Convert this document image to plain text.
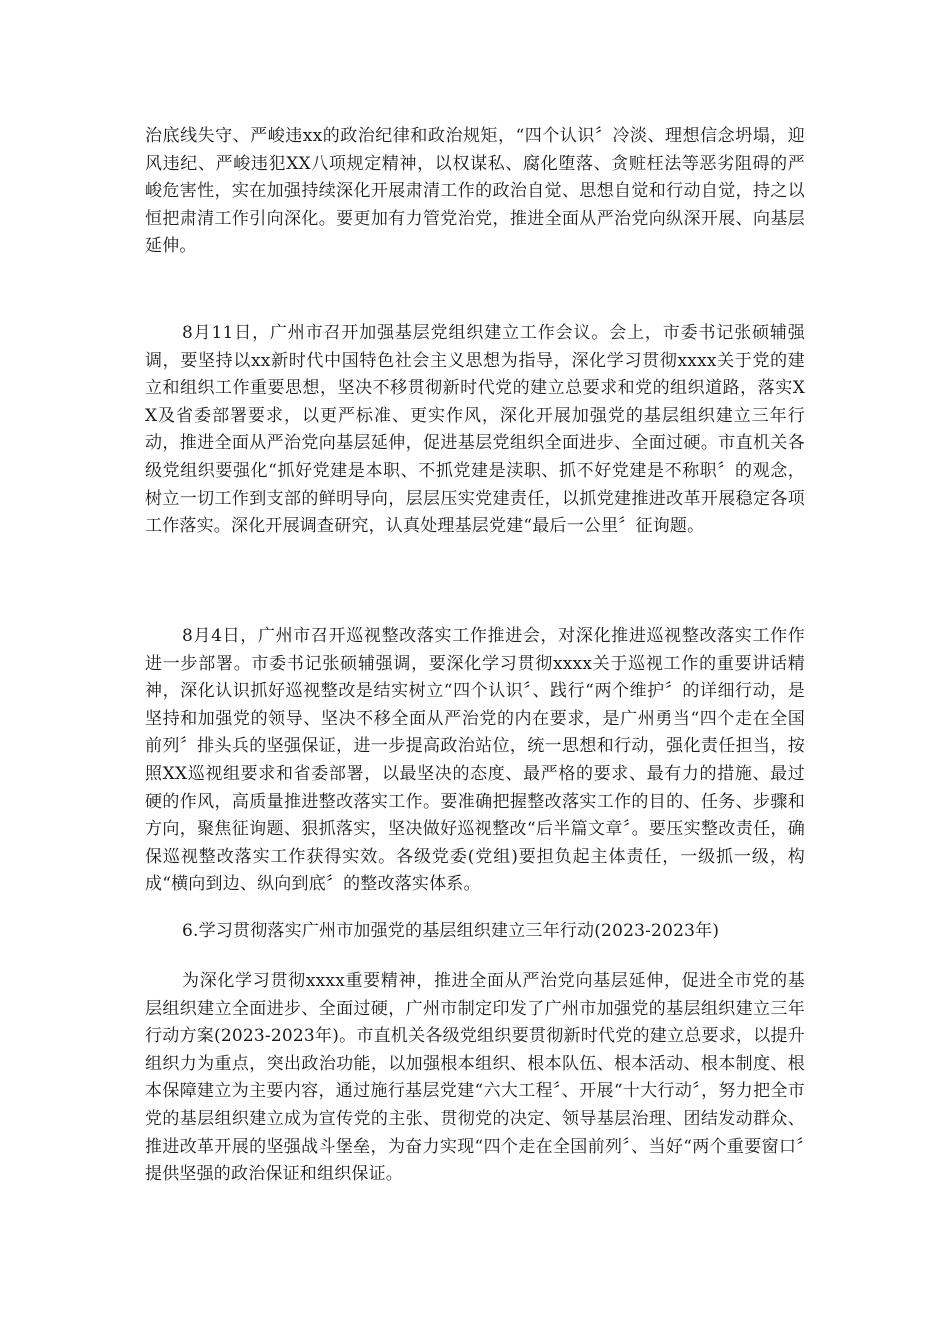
治底线失守、严峻违xx的政治纪律和政治规矩，“四个认识〞冷淡、理想信念坍塌，迎风违纪、严峻违犯XX八项规定精神，以权谋私、腐化堕落、贪赃枉法等恶劣阻碍的严峻危害性，实在加强持续深化开展肃清工作的政治自觉、思想自觉和行动自觉，持之以恒把肃清工作引向深化。要更加有力管党治党，推进全面从严治党向纵深开展、向基层延伸。

8月11日，广州市召开加强基层党组织建立工作会议。会上，市委书记张硕辅强调，要坚持以xx新时代中国特色社会主义思想为指导，深化学习贯彻xxxx关于党的建立和组织工作重要思想，坚决不移贯彻新时代党的建立总要求和党的组织道路，落实XX及省委部署要求，以更严标准、更实作风，深化开展加强党的基层组织建立三年行动，推进全面从严治党向基层延伸，促进基层党组织全面进步、全面过硬。市直机关各级党组织要强化“抓好党建是本职、不抓党建是渎职、抓不好党建是不称职〞的观念，树立一切工作到支部的鲜明导向，层层压实党建责任，以抓党建推进改革开展稳定各项工作落实。深化开展调查研究，认真处理基层党建“最后一公里〞征询题。

8月4日，广州市召开巡视整改落实工作推进会，对深化推进巡视整改落实工作作进一步部署。市委书记张硕辅强调，要深化学习贯彻xxxx关于巡视工作的重要讲话精神，深化认识抓好巡视整改是结实树立“四个认识〞、践行“两个维护〞的详细行动，是坚持和加强党的领导、坚决不移全面从严治党的内在要求，是广州勇当“四个走在全国前列〞排头兵的坚强保证，进一步提高政治站位，统一思想和行动，强化责任担当，按照XX巡视组要求和省委部署，以最坚决的态度、最严格的要求、最有力的措施、最过硬的作风，高质量推进整改落实工作。要准确把握整改落实工作的目的、任务、步骤和方向，聚焦征询题、狠抓落实，坚决做好巡视整改“后半篇文章〞。要压实整改责任，确保巡视整改落实工作获得实效。各级党委(党组)要担负起主体责任，一级抓一级，构成“横向到边、纵向到底〞的整改落实体系。

6.学习贯彻落实广州市加强党的基层组织建立三年行动(2023-2023年)

为深化学习贯彻xxxx重要精神，推进全面从严治党向基层延伸，促进全市党的基层组织建立全面进步、全面过硬，广州市制定印发了广州市加强党的基层组织建立三年行动方案(2023-2023年)。市直机关各级党组织要贯彻新时代党的建立总要求，以提升组织力为重点，突出政治功能，以加强根本组织、根本队伍、根本活动、根本制度、根本保障建立为主要内容，通过施行基层党建“六大工程〞、开展“十大行动〞，努力把全市党的基层组织建立成为宣传党的主张、贯彻党的决定、领导基层治理、团结发动群众、推进改革开展的坚强战斗堡垒，为奋力实现“四个走在全国前列〞、当好“两个重要窗口〞提供坚强的政治保证和组织保证。
